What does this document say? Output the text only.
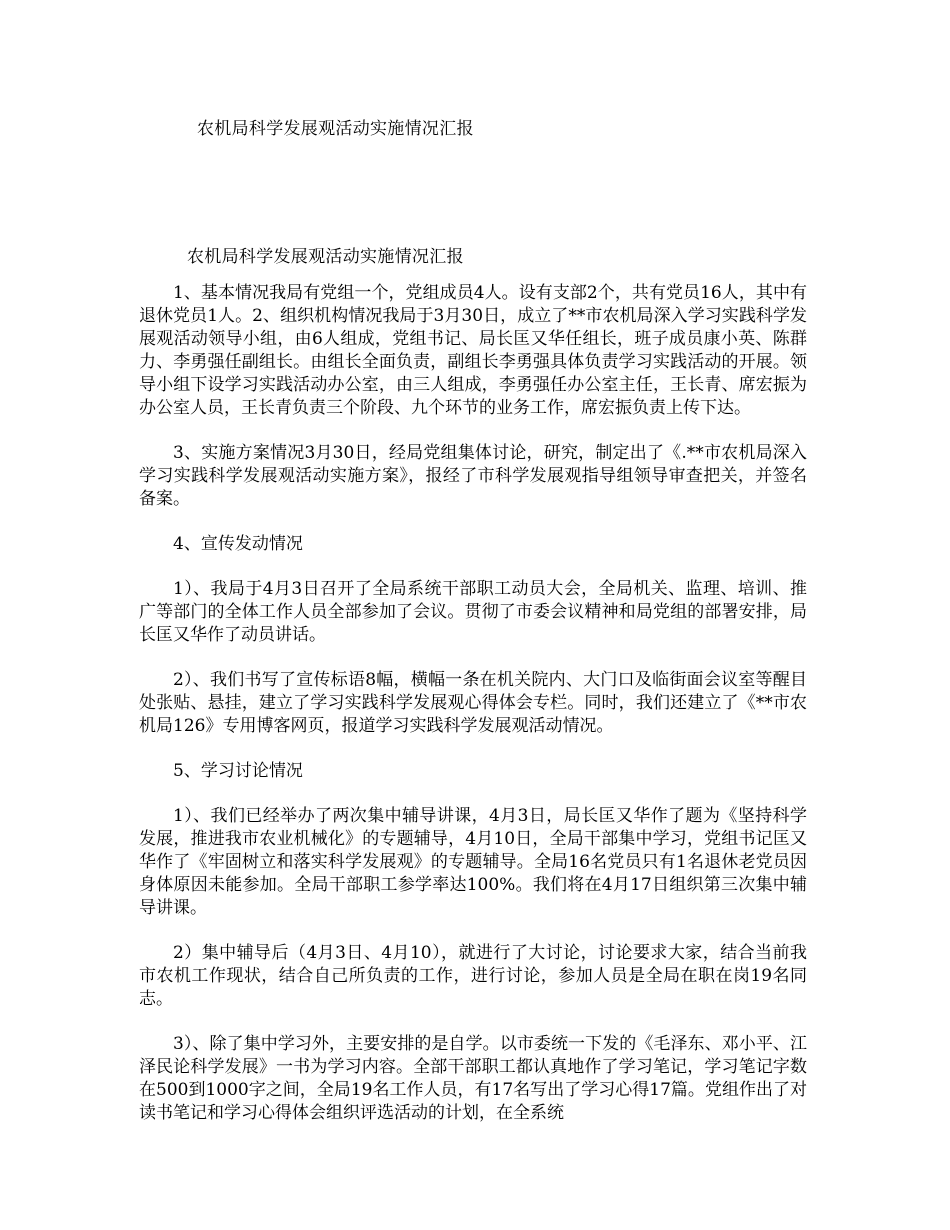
农机局科学发展观活动实施情况汇报
农机局科学发展观活动实施情况汇报

1、基本情况我局有党组一个，党组成员4人。设有支部2个，共有党员16人，其中有退休党员1人。2、组织机构情况我局于3月30日，成立了**市农机局深入学习实践科学发展观活动领导小组，由6人组成，党组书记、局长匡又华任组长，班子成员康小英、陈群力、李勇强任副组长。由组长全面负责，副组长李勇强具体负责学习实践活动的开展。领导小组下设学习实践活动办公室，由三人组成，李勇强任办公室主任，王长青、席宏振为办公室人员，王长青负责三个阶段、九个环节的业务工作，席宏振负责上传下达。

3、实施方案情况3月30日，经局党组集体讨论，研究，制定出了《.**市农机局深入学习实践科学发展观活动实施方案》，报经了市科学发展观指导组领导审查把关，并签名备案。

4、宣传发动情况

1）、我局于4月3日召开了全局系统干部职工动员大会，全局机关、监理、培训、推广等部门的全体工作人员全部参加了会议。贯彻了市委会议精神和局党组的部署安排，局长匡又华作了动员讲话。

2）、我们书写了宣传标语8幅，横幅一条在机关院内、大门口及临街面会议室等醒目处张贴、悬挂，建立了学习实践科学发展观心得体会专栏。同时，我们还建立了《**市农机局126》专用博客网页，报道学习实践科学发展观活动情况。

5、学习讨论情况

1）、我们已经举办了两次集中辅导讲课，4月3日，局长匡又华作了题为《坚持科学发展，推进我市农业机械化》的专题辅导，4月10日，全局干部集中学习，党组书记匡又华作了《牢固树立和落实科学发展观》的专题辅导。全局16名党员只有1名退休老党员因身体原因未能参加。全局干部职工参学率达100%。我们将在4月17日组织第三次集中辅导讲课。

2）集中辅导后（4月3日、4月10），就进行了大讨论，讨论要求大家，结合当前我市农机工作现状，结合自己所负责的工作，进行讨论，参加人员是全局在职在岗19名同志。

3）、除了集中学习外，主要安排的是自学。以市委统一下发的《毛泽东、邓小平、江泽民论科学发展》一书为学习内容。全部干部职工都认真地作了学习笔记，学习笔记字数在500到1000字之间，全局19名工作人员，有17名写出了学习心得17篇。党组作出了对读书笔记和学习心得体会组织评选活动的计划，在全系统
